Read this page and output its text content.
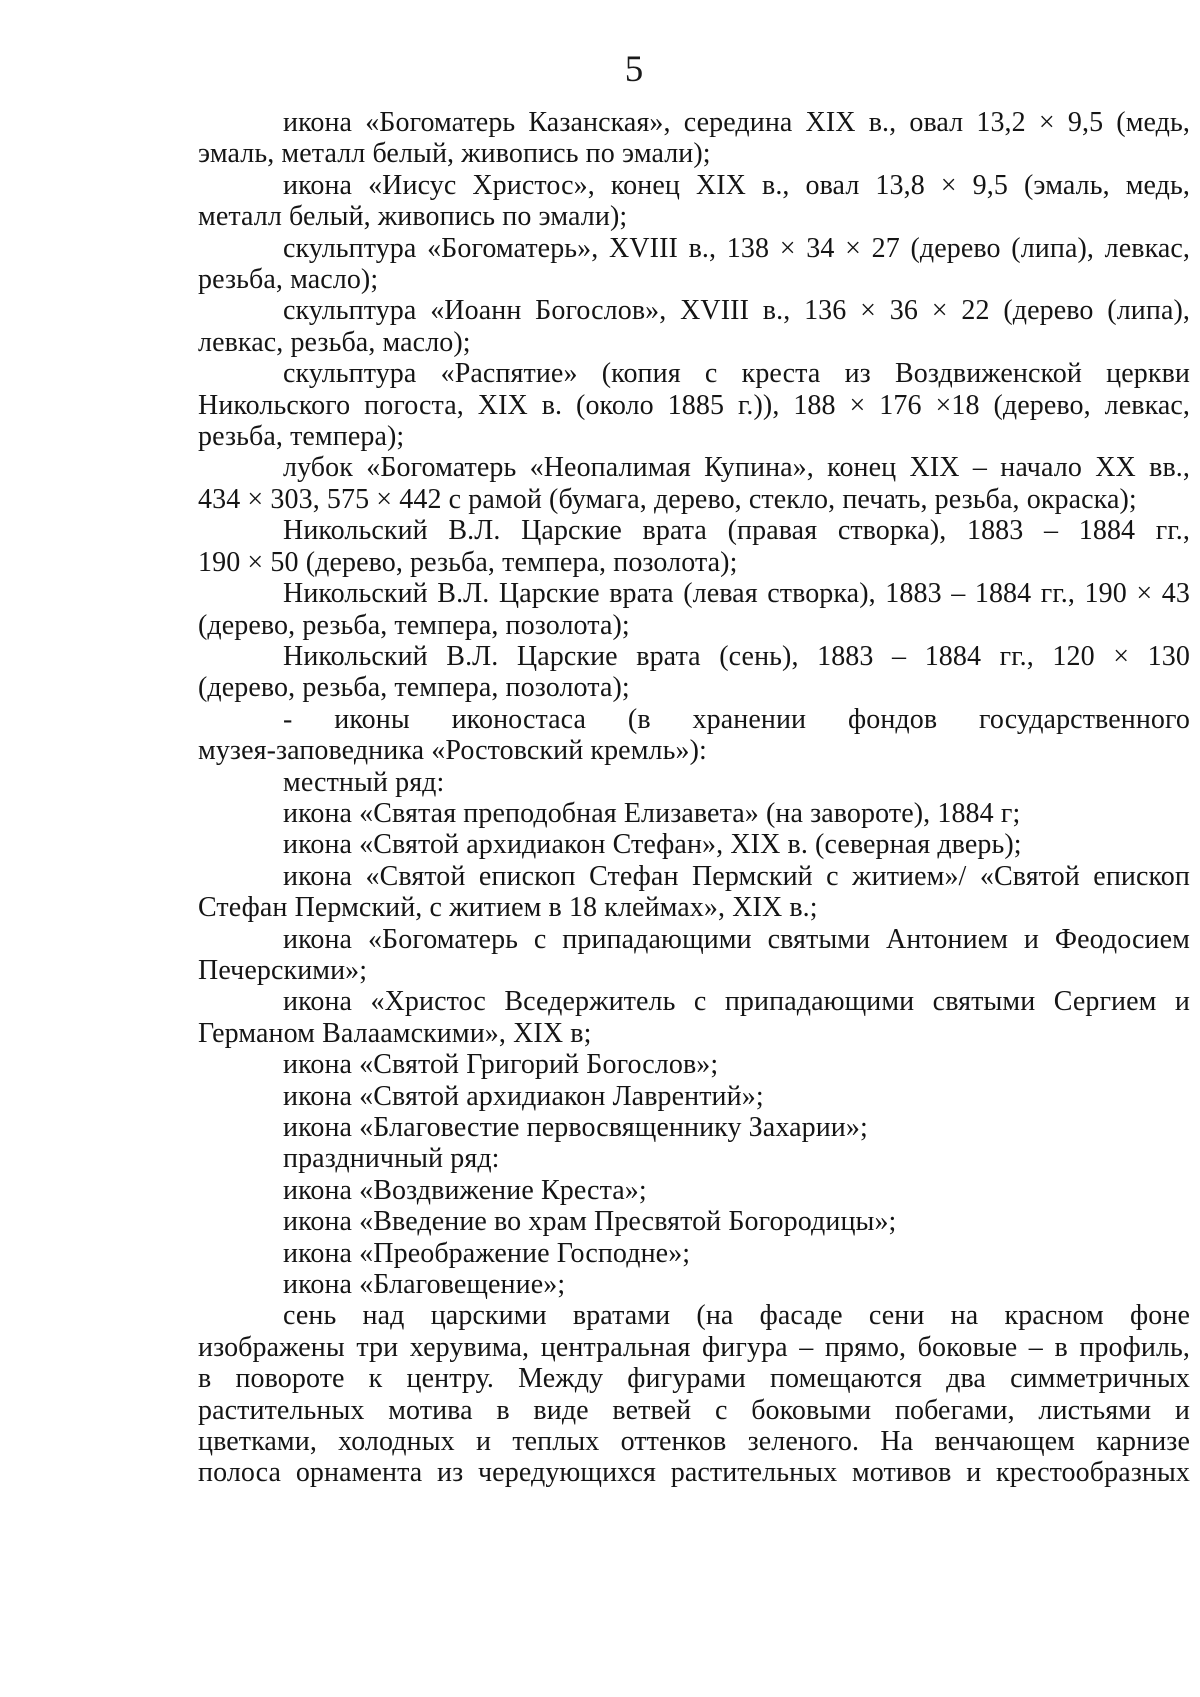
5
икона «Богоматерь Казанская», середина XIX в., овал 13,2 × 9,5 (медь,
эмаль, металл белый, живопись по эмали);
икона «Иисус Христос», конец XIX в., овал 13,8 × 9,5 (эмаль, медь,
металл белый, живопись по эмали);
скульптура «Богоматерь», XVIII в., 138 × 34 × 27 (дерево (липа), левкас,
резьба, масло);
скульптура «Иоанн Богослов», XVIII в., 136 × 36 × 22 (дерево (липа),
левкас, резьба, масло);
скульптура «Распятие» (копия с креста из Воздвиженской церкви
Никольского погоста, XIX в. (около 1885 г.)), 188 × 176 ×18 (дерево, левкас,
резьба, темпера);
лубок «Богоматерь «Неопалимая Купина», конец XIX – начало XX вв.,
434 × 303, 575 × 442 с рамой (бумага, дерево, стекло, печать, резьба, окраска);
Никольский В.Л. Царские врата (правая створка), 1883 – 1884 гг.,
190 × 50 (дерево, резьба, темпера, позолота);
Никольский В.Л. Царские врата (левая створка), 1883 – 1884 гг., 190 × 43
(дерево, резьба, темпера, позолота);
Никольский В.Л. Царские врата (сень), 1883 – 1884 гг., 120 × 130
(дерево, резьба, темпера, позолота);
- иконы иконостаса (в хранении фондов государственного
музея-заповедника «Ростовский кремль»):
местный ряд:
икона «Святая преподобная Елизавета» (на завороте), 1884 г;
икона «Святой архидиакон Стефан», XIX в. (северная дверь);
икона «Святой епископ Стефан Пермский с житием»/ «Святой епископ
Стефан Пермский, с житием в 18 клеймах», XIX в.;
икона «Богоматерь с припадающими святыми Антонием и Феодосием
Печерскими»;
икона «Христос Вседержитель с припадающими святыми Сергием и
Германом Валаамскими», XIX в;
икона «Святой Григорий Богослов»;
икона «Святой архидиакон Лаврентий»;
икона «Благовестие первосвященнику Захарии»;
праздничный ряд:
икона «Воздвижение Креста»;
икона «Введение во храм Пресвятой Богородицы»;
икона «Преображение Господне»;
икона «Благовещение»;
сень над царскими вратами (на фасаде сени на красном фоне
изображены три херувима, центральная фигура – прямо, боковые – в профиль,
в повороте к центру. Между фигурами помещаются два симметричных
растительных мотива в виде ветвей с боковыми побегами, листьями и
цветками, холодных и теплых оттенков зеленого. На венчающем карнизе
полоса орнамента из чередующихся растительных мотивов и крестообразных
